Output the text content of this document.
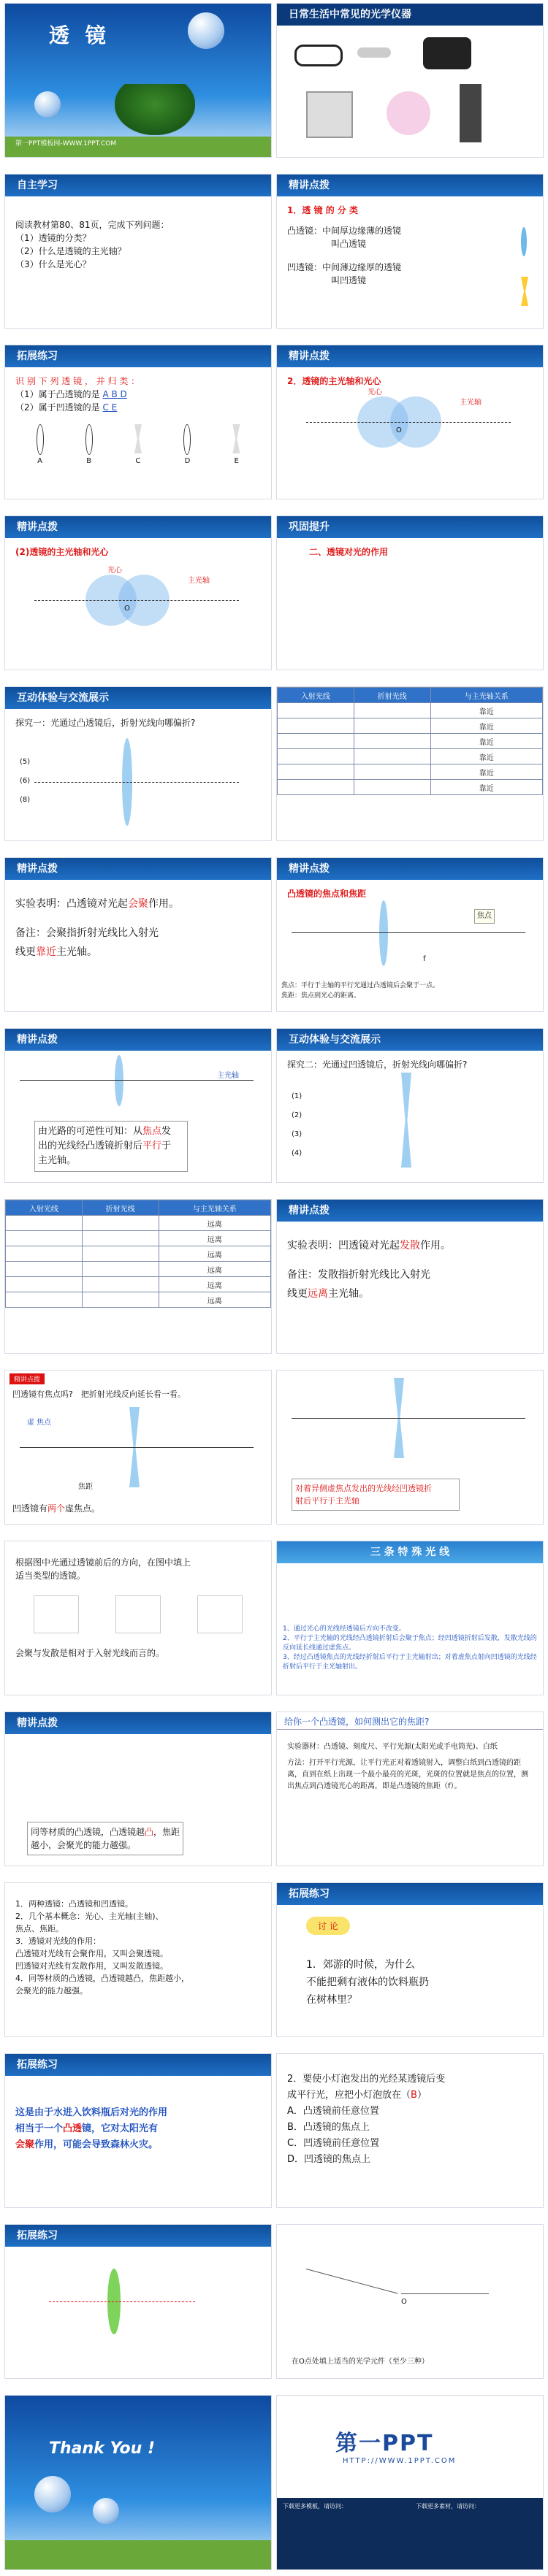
透 镜
第一PPT模板网-WWW.1PPT.COM
日常生活中常见的光学仪器
自主学习
阅读教材第80、81页，完成下列问题：
（1）透镜的分类？
（2）什么是透镜的主光轴？
（3）什么是光心？
精讲点拨
1．透 镜 的 分 类
凸透镜：中间厚边缘薄的透镜
叫凸透镜
凹透镜：中间薄边缘厚的透镜
叫凹透镜
拓展练习
识 别 下 列 透 镜 ， 并 归 类 ：
（1）属于凸透镜的是 A B D
（2）属于凹透镜的是 C E
A	B	C	D	E
精讲点拨
2．透镜的主光轴和光心
光心
主光轴
O
精讲点拨
(2)透镜的主光轴和光心
光心
主光轴
O
巩固提升
二、透镜对光的作用
互动体验与交流展示
探究一：光通过凸透镜后，折射光线向哪偏折?
(5)
(6)
(8)
入射光线	折射光线	与主光轴关系
		靠近
		靠近
		靠近
		靠近
		靠近
		靠近
精讲点拨
实验表明：凸透镜对光起会聚作用。
备注：会聚指折射光线比入射光
线更靠近主光轴。
精讲点拨
凸透镜的焦点和焦距
焦点
f
焦点：平行于主轴的平行光通过凸透镜后会聚于一点。
焦距：焦点到光心的距离。
精讲点拨
主光轴
由光路的可逆性可知：从焦点发
出的光线经凸透镜折射后平行于
主光轴。
互动体验与交流展示
探究二：光通过凹透镜后，折射光线向哪偏折?
(1)
(2)
(3)
(4)
入射光线	折射光线	与主光轴关系
		远离
		远离
		远离
		远离
		远离
		远离
精讲点拨
实验表明：凹透镜对光起发散作用。
备注：发散指折射光线比入射光
线更远离主光轴。
精讲点拨
凹透镜有焦点吗?　 把折射光线反向延长看一看。
虚 焦点
焦距
凹透镜有两个虚焦点。
对着异侧虚焦点发出的光线经凹透镜折
射后平行于主光轴
根据图中光通过透镜前后的方向，在图中填上
适当类型的透镜。
会聚与发散是相对于入射光线而言的。
三 条 特 殊 光 线
1、通过光心的光线经透镜后方向不改变。
2、平行于主光轴的光线经凸透镜折射后会聚于焦点；经凹透镜折射后发散，发散光线的反向延长线通过虚焦点。
3、经过凸透镜焦点的光线经折射后平行于主光轴射出；对着虚焦点射向凹透镜的光线经折射后平行于主光轴射出。
精讲点拨
同等材质的凸透镜，凸透镜越凸，焦距
越小，会聚光的能力越强。
给你一个凸透镜，如何测出它的焦距?
实验器材：凸透镜、刻度尺、平行光源(太阳光或手电筒光)、白纸
方法：打开平行光源，让平行光正对着透镜射入，调整白纸到凸透镜的距离，直到在纸上出现一个最小最亮的光斑，光斑的位置就是焦点的位置，测出焦点到凸透镜光心的距离，即是凸透镜的焦距（f）。
1．两种透镜：凸透镜和凹透镜。
2．几个基本概念：光心、主光轴(主轴)、
焦点、焦距。
3．透镜对光线的作用：
凸透镜对光线有会聚作用，又叫会聚透镜。
凹透镜对光线有发散作用，又叫发散透镜。
4．同等材质的凸透镜，凸透镜越凸，焦距越小，
会聚光的能力越强。
拓展练习
讨 论
1．郊游的时候，为什么
不能把剩有液体的饮料瓶扔
在树林里？
拓展练习
这是由于水进入饮料瓶后对光的作用
相当于一个凸透镜，它对太阳光有
会聚作用，可能会导致森林火灾。
2．要使小灯泡发出的光经某透镜后变
成平行光，应把小灯泡放在（B）
A．凸透镜前任意位置
B．凸透镜的焦点上
C．凹透镜前任意位置
D．凹透镜的焦点上
拓展练习
O
在O点处填上适当的光学元件（至少三种）
Thank You !	第一PPT
HTTP://WWW.1PPT.COM
下载更多模板，请访问：	下载更多素材，请访问：
